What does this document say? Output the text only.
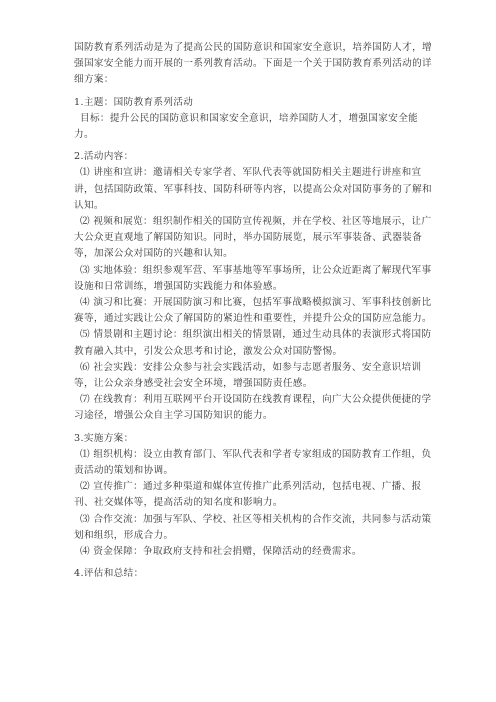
国防教育系列活动是为了提高公民的国防意识和国家安全意识，培养国防人才，增强国家安全能力而开展的一系列教育活动。下面是一个关于国防教育系列活动的详细方案：

1.主题：国防教育系列活动

目标：提升公民的国防意识和国家安全意识，培养国防人才，增强国家安全能力。

2.活动内容：

⑴ 讲座和宣讲：邀请相关专家学者、军队代表等就国防相关主题进行讲座和宣讲，包括国防政策、军事科技、国防科研等内容，以提高公众对国防事务的了解和认知。

⑵ 视频和展览：组织制作相关的国防宣传视频，并在学校、社区等地展示，让广大公众更直观地了解国防知识。同时，举办国防展览，展示军事装备、武器装备等，加深公众对国防的兴趣和认知。

⑶ 实地体验：组织参观军营、军事基地等军事场所，让公众近距离了解现代军事设施和日常训练，增强国防实践能力和体验感。

⑷ 演习和比赛：开展国防演习和比赛，包括军事战略模拟演习、军事科技创新比赛等，通过实践让公众了解国防的紧迫性和重要性，并提升公众的国防应急能力。

⑸ 情景剧和主题讨论：组织演出相关的情景剧，通过生动具体的表演形式将国防教育融入其中，引发公众思考和讨论，激发公众对国防警惕。

⑹ 社会实践：安排公众参与社会实践活动，如参与志愿者服务、安全意识培训等，让公众亲身感受社会安全环境，增强国防责任感。

⑺ 在线教育：利用互联网平台开设国防在线教育课程，向广大公众提供便捷的学习途径，增强公众自主学习国防知识的能力。

3.实施方案：

⑴ 组织机构：设立由教育部门、军队代表和学者专家组成的国防教育工作组，负责活动的策划和协调。

⑵ 宣传推广：通过多种渠道和媒体宣传推广此系列活动，包括电视、广播、报刊、社交媒体等，提高活动的知名度和影响力。

⑶ 合作交流：加强与军队、学校、社区等相关机构的合作交流，共同参与活动策划和组织，形成合力。

⑷ 资金保障：争取政府支持和社会捐赠，保障活动的经费需求。

4.评估和总结：
